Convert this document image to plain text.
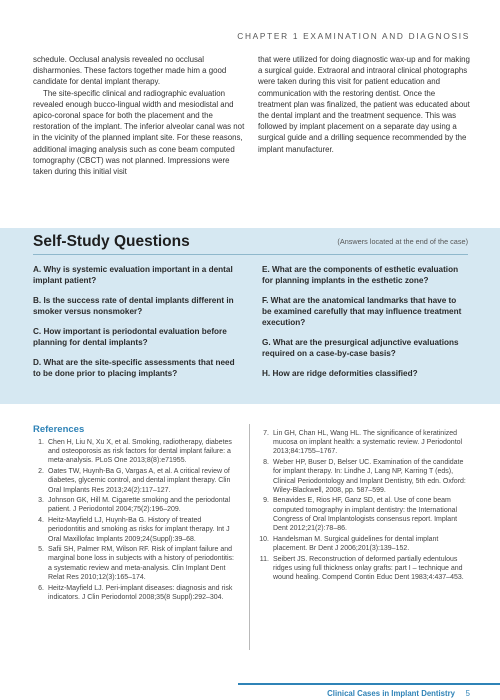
CHAPTER 1 EXAMINATION AND DIAGNOSIS

schedule. Occlusal analysis revealed no occlusal disharmonies. These factors together made him a good candidate for dental implant therapy.

The site-specific clinical and radiographic evaluation revealed enough bucco-lingual width and mesiodistal and apico-coronal space for both the placement and the restoration of the implant. The inferior alveolar canal was not in the vicinity of the planned implant site. For these reasons, additional imaging analysis such as cone beam computed tomography (CBCT) was not planned. Impressions were taken during this initial visit

that were utilized for doing diagnostic wax-up and for making a surgical guide. Extraoral and intraoral clinical photographs were taken during this visit for patient education and communication with the restoring dentist. Once the treatment plan was finalized, the patient was educated about the dental implant and the treatment sequence. This was followed by implant placement on a separate day using a surgical guide and a drilling sequence recommended by the implant manufacturer.

Self-Study Questions	(Answers located at the end of the case)
A. Why is systemic evaluation important in a dental implant patient?
B. Is the success rate of dental implants different in smoker versus nonsmoker?
C. How important is periodontal evaluation before planning for dental implants?
D. What are the site-specific assessments that need to be done prior to placing implants?
E. What are the components of esthetic evaluation for planning implants in the esthetic zone?
F. What are the anatomical landmarks that have to be examined carefully that may influence treatment execution?
G. What are the presurgical adjunctive evaluations required on a case-by-case basis?
H. How are ridge deformities classified?
References
1. Chen H, Liu N, Xu X, et al. Smoking, radiotherapy, diabetes and osteoporosis as risk factors for dental implant failure: a meta-analysis. PLoS One 2013;8(8):e71955.
2. Oates TW, Huynh-Ba G, Vargas A, et al. A critical review of diabetes, glycemic control, and dental implant therapy. Clin Oral Implants Res 2013;24(2):117–127.
3. Johnson GK, Hill M. Cigarette smoking and the periodontal patient. J Periodontol 2004;75(2):196–209.
4. Heitz-Mayfield LJ, Huynh-Ba G. History of treated periodontitis and smoking as risks for implant therapy. Int J Oral Maxillofac Implants 2009;24(Suppl):39–68.
5. Safii SH, Palmer RM, Wilson RF. Risk of implant failure and marginal bone loss in subjects with a history of periodontitis: a systematic review and meta-analysis. Clin Implant Dent Relat Res 2010;12(3):165–174.
6. Heitz-Mayfield LJ. Peri-implant diseases: diagnosis and risk indicators. J Clin Periodontol 2008;35(8 Suppl):292–304.
7. Lin GH, Chan HL, Wang HL. The significance of keratinized mucosa on implant health: a systematic review. J Periodontol 2013;84:1755–1767.
8. Weber HP, Buser D, Belser UC. Examination of the candidate for implant therapy. In: Lindhe J, Lang NP, Karring T (eds), Clinical Periodontology and Implant Dentistry, 5th edn. Oxford: Wiley-Blackwell, 2008, pp. 587–599.
9. Benavides E, Rios HF, Ganz SD, et al. Use of cone beam computed tomography in implant dentistry: the International Congress of Oral Implantologists consensus report. Implant Dent 2012;21(2):78–86.
10. Handelsman M. Surgical guidelines for dental implant placement. Br Dent J 2006;201(3):139–152.
11. Seibert JS. Reconstruction of deformed partially edentulous ridges using full thickness onlay grafts: part I – technique and wound healing. Compend Contin Educ Dent 1983;4:437–453.
Clinical Cases in Implant Dentistry 5
